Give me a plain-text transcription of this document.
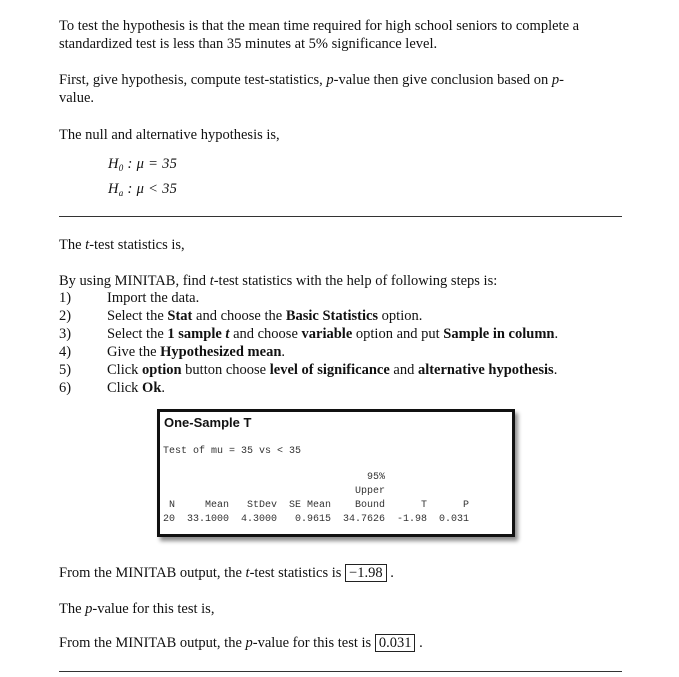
To test the hypothesis is that the mean time required for high school seniors to complete a
standardized test is less than 35 minutes at 5% significance level.
First, give hypothesis, compute test-statistics, p-value then give conclusion based on p-
value.
The null and alternative hypothesis is,
$H_0$ : μ = 35
$H_a$ : μ < 35
The t-test statistics is,
By using MINITAB, find t-test statistics with the help of following steps is:
1)	Import the data.
2)	Select the Stat and choose the Basic Statistics option.
3)	Select the 1 sample t and choose variable option and put Sample in column.
4)	Give the Hypothesized mean.
5)	Click option button choose level of significance and alternative hypothesis.
6)	Click Ok.
One-Sample T
Test of mu = 35 vs < 35
95%
Upper
N     Mean   StDev  SE Mean    Bound      T      P
20  33.1000  4.3000   0.9615  34.7626  -1.98  0.031
From the MINITAB output, the t-test statistics is −1.98 .
The p-value for this test is,
From the MINITAB output, the p-value for this test is 0.031 .
